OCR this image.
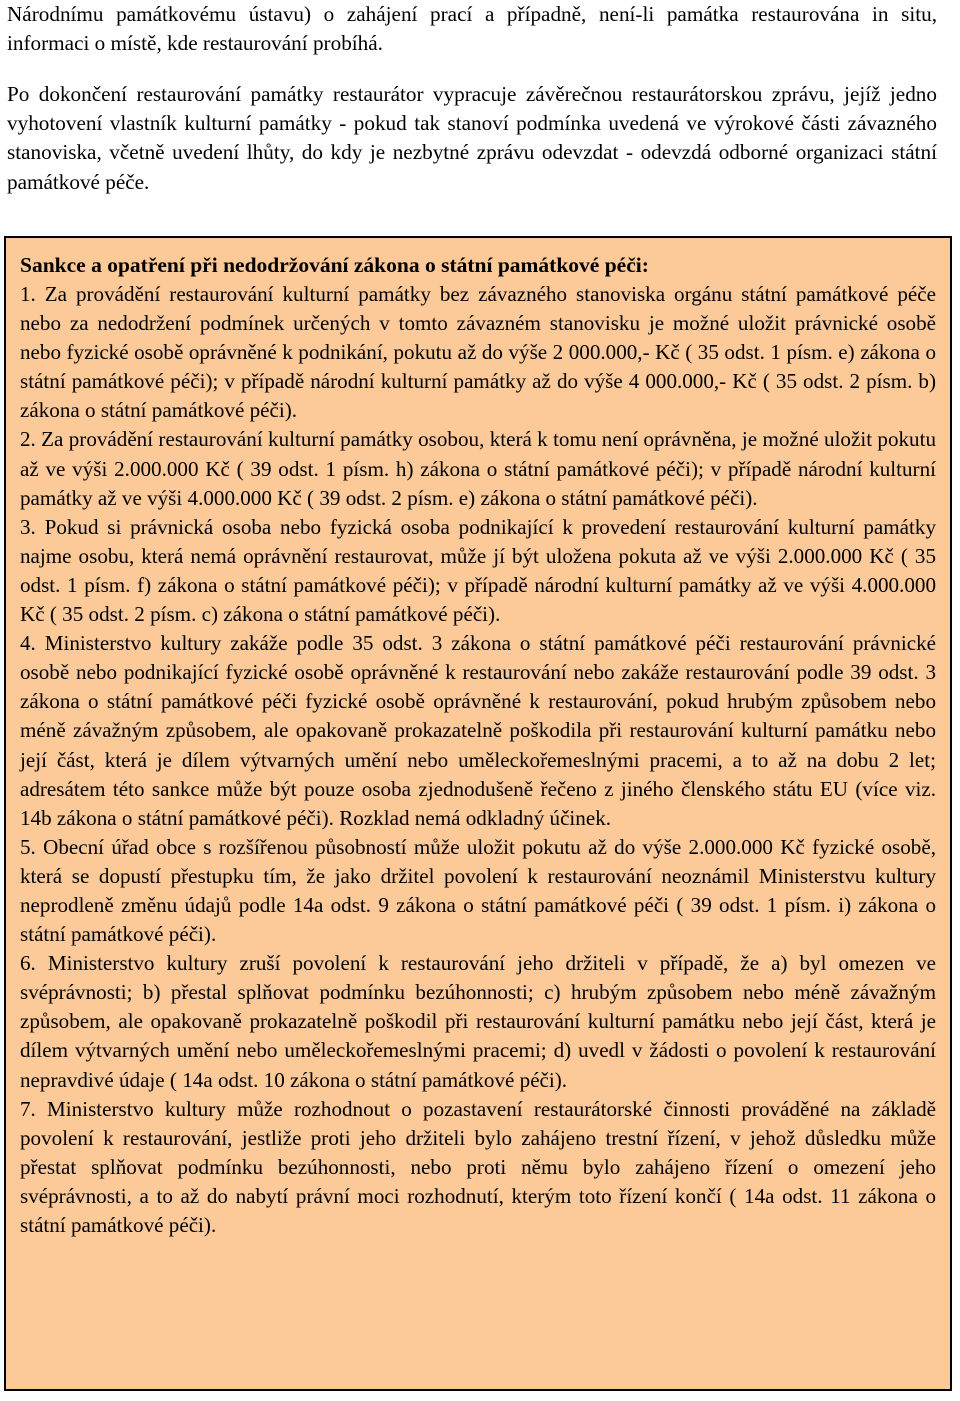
Národnímu památkovému ústavu) o zahájení prací a případně, není-li památka restaurována in situ, informaci o místě, kde restaurování probíhá.

Po dokončení restaurování památky restaurátor vypracuje závěrečnou restaurátorskou zprávu, jejíž jedno vyhotovení vlastník kulturní památky - pokud tak stanoví podmínka uvedená ve výrokové části závazného stanoviska, včetně uvedení lhůty, do kdy je nezbytné zprávu odevzdat - odevzdá odborné organizaci státní památkové péče.

Sankce a opatření při nedodržování zákona o státní památkové péči:

1. Za provádění restaurování kulturní památky bez závazného stanoviska orgánu státní památkové péče nebo za nedodržení podmínek určených v tomto závazném stanovisku je možné uložit právnické osobě nebo fyzické osobě oprávněné k podnikání, pokutu až do výše 2 000.000,- Kč ( 35 odst. 1 písm. e) zákona o státní památkové péči); v případě národní kulturní památky až do výše 4 000.000,- Kč ( 35 odst. 2 písm. b) zákona o státní památkové péči).

2. Za provádění restaurování kulturní památky osobou, která k tomu není oprávněna, je možné uložit pokutu až ve výši 2.000.000 Kč ( 39 odst. 1 písm. h) zákona o státní památkové péči); v případě národní kulturní památky až ve výši 4.000.000 Kč ( 39 odst. 2 písm. e) zákona o státní památkové péči).

3. Pokud si právnická osoba nebo fyzická osoba podnikající k provedení restaurování kulturní památky najme osobu, která nemá oprávnění restaurovat, může jí být uložena pokuta až ve výši 2.000.000 Kč ( 35 odst. 1 písm. f) zákona o státní památkové péči); v případě národní kulturní památky až ve výši 4.000.000 Kč ( 35 odst. 2 písm. c) zákona o státní památkové péči).

4. Ministerstvo kultury zakáže podle 35 odst. 3 zákona o státní památkové péči restaurování právnické osobě nebo podnikající fyzické osobě oprávněné k restaurování nebo zakáže restaurování podle 39 odst. 3 zákona o státní památkové péči fyzické osobě oprávněné k restaurování, pokud hrubým způsobem nebo méně závažným způsobem, ale opakovaně prokazatelně poškodila při restaurování kulturní památku nebo její část, která je dílem výtvarných umění nebo uměleckořemeslnými pracemi, a to až na dobu 2 let; adresátem této sankce může být pouze osoba zjednodušeně řečeno z jiného členského státu EU (více viz. 14b zákona o státní památkové péči). Rozklad nemá odkladný účinek.

5. Obecní úřad obce s rozšířenou působností může uložit pokutu až do výše 2.000.000 Kč fyzické osobě, která se dopustí přestupku tím, že jako držitel povolení k restaurování neoznámil Ministerstvu kultury neprodleně změnu údajů podle 14a odst. 9 zákona o státní památkové péči ( 39 odst. 1 písm. i) zákona o státní památkové péči).

6. Ministerstvo kultury zruší povolení k restaurování jeho držiteli v případě, že a) byl omezen ve svéprávnosti; b) přestal splňovat podmínku bezúhonnosti; c) hrubým způsobem nebo méně závažným způsobem, ale opakovaně prokazatelně poškodil při restaurování kulturní památku nebo její část, která je dílem výtvarných umění nebo uměleckořemeslnými pracemi; d) uvedl v žádosti o povolení k restaurování nepravdivé údaje ( 14a odst. 10 zákona o státní památkové péči).

7. Ministerstvo kultury může rozhodnout o pozastavení restaurátorské činnosti prováděné na základě povolení k restaurování, jestliže proti jeho držiteli bylo zahájeno trestní řízení, v jehož důsledku může přestat splňovat podmínku bezúhonnosti, nebo proti němu bylo zahájeno řízení o omezení jeho svéprávnosti, a to až do nabytí právní moci rozhodnutí, kterým toto řízení končí ( 14a odst. 11 zákona o státní památkové péči).
